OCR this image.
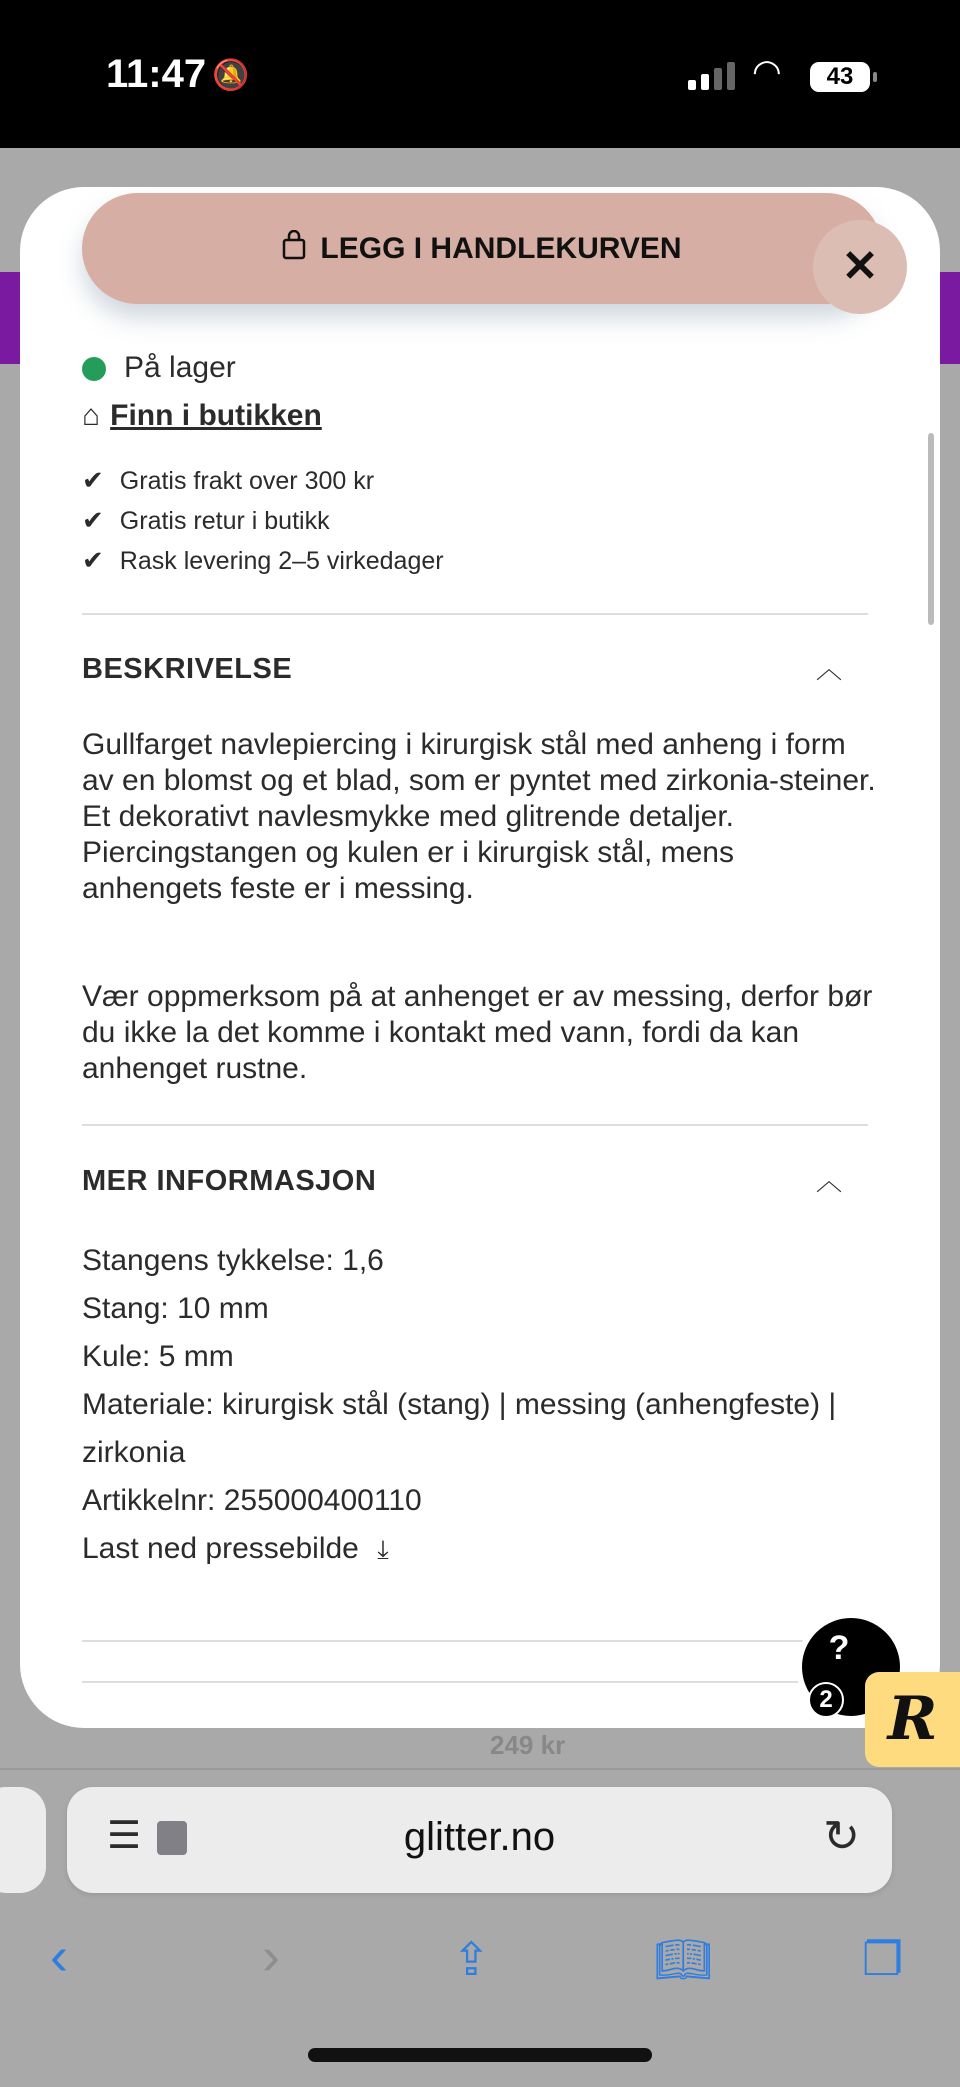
11:47 🔕	◠	43
LEGG I HANDLEKURVEN	✕
På lager
⌂ Finn i butikken
✔ Gratis frakt over 300 kr
✔ Gratis retur i butikk
✔ Rask levering 2–5 virkedager
BESKRIVELSE	︿
Gullfarget navlepiercing i kirurgisk stål med anheng i form av en blomst og et blad, som er pyntet med zirkonia-steiner. Et dekorativt navlesmykke med glitrende detaljer. Piercingstangen og kulen er i kirurgisk stål, mens anhengets feste er i messing.
Vær oppmerksom på at anhenget er av messing, derfor bør du ikke la det komme i kontakt med vann, fordi da kan anhenget rustne.
MER INFORMASJON	︿
Stangens tykkelse: 1,6
Stang: 10 mm
Kule: 5 mm
Materiale: kirurgisk stål (stang) | messing (anhengfeste) | zirkonia
Artikkelnr: 255000400110
Last ned pressebilde ⤓
249 kr
?
R
2
☰	glitter.no	↻
‹	›	⇪	📖︎	❐
